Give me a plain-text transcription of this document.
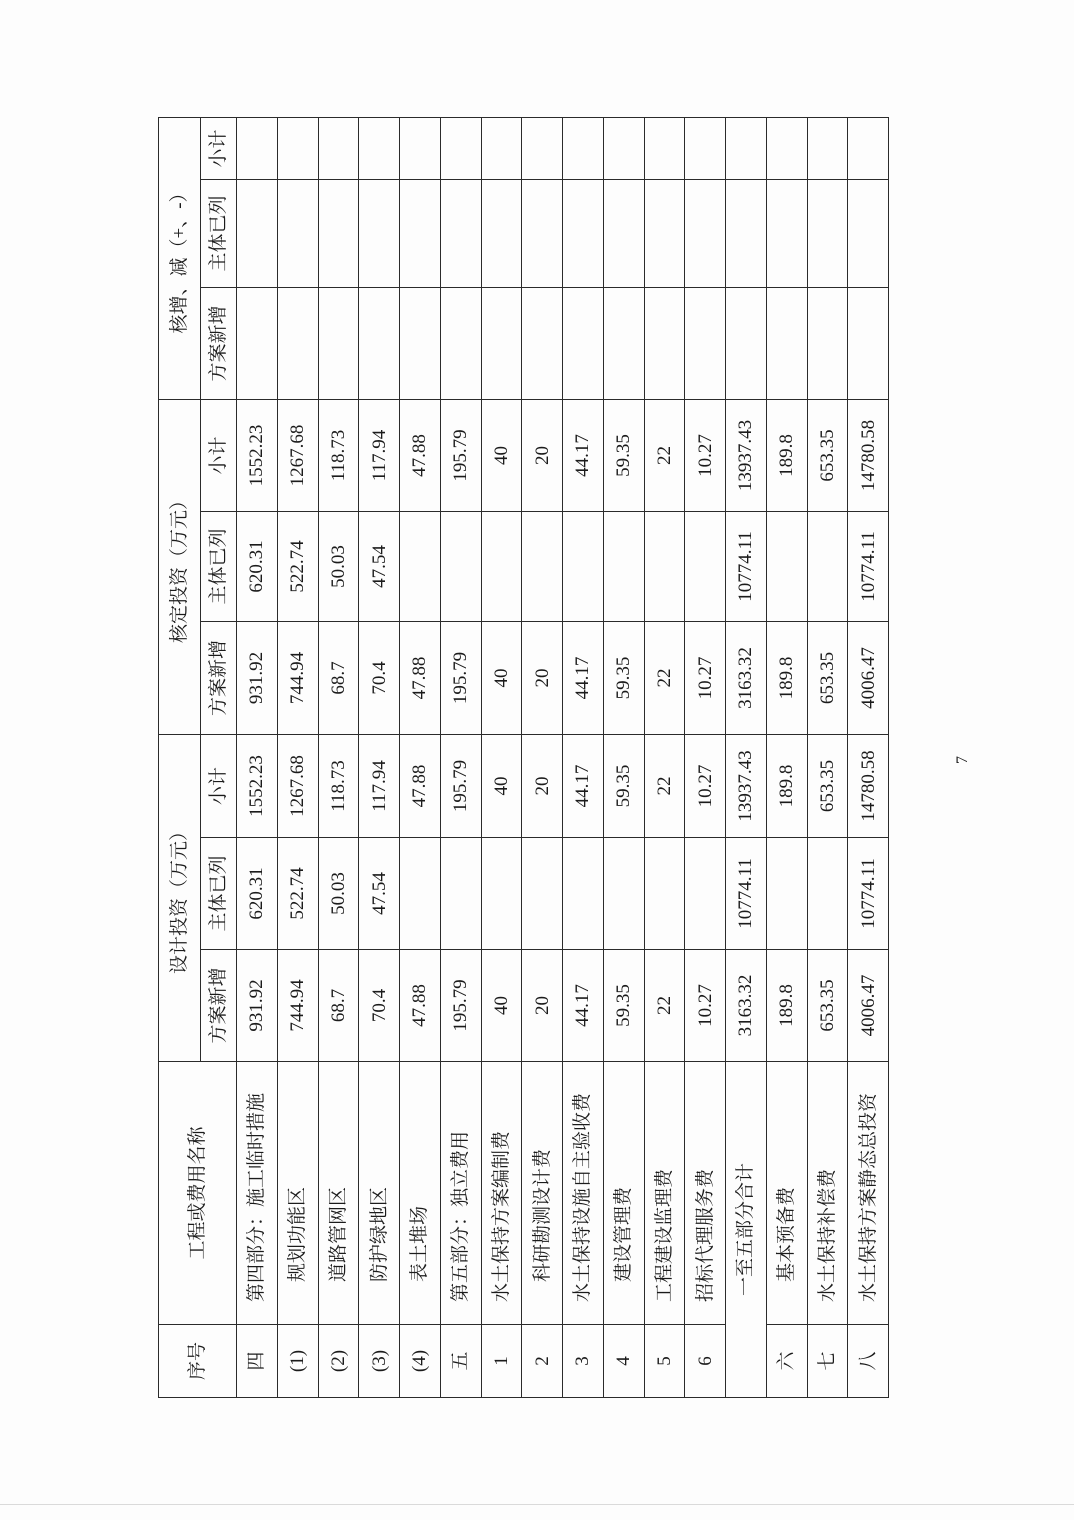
序号	工程或费用名称	设计投资（万元）			核定投资（万元）			核增、减（+、-）		
		方案新增	主体已列	小计	方案新增	主体已列	小计	方案新增	主体已列	小计
四	第四部分：施工临时措施	931.92	620.31	1552.23	931.92	620.31	1552.23			
(1)	规划功能区	744.94	522.74	1267.68	744.94	522.74	1267.68			
(2)	道路管网区	68.7	50.03	118.73	68.7	50.03	118.73			
(3)	防护绿地区	70.4	47.54	117.94	70.4	47.54	117.94			
(4)	表土堆场	47.88		47.88	47.88		47.88			
五	第五部分：独立费用	195.79		195.79	195.79		195.79			
1	水土保持方案编制费	40		40	40		40			
2	科研勘测设计费	20		20	20		20			
3	水土保持设施自主验收费	44.17		44.17	44.17		44.17			
4	建设管理费	59.35		59.35	59.35		59.35			
5	工程建设监理费	22		22	22		22			
6	招标代理服务费	10.27		10.27	10.27		10.27			
一至五部分合计		3163.32	10774.11	13937.43	3163.32	10774.11	13937.43			
六	基本预备费	189.8		189.8	189.8		189.8			
七	水土保持补偿费	653.35		653.35	653.35		653.35			
八	水土保持方案静态总投资	4006.47	10774.11	14780.58	4006.47	10774.11	14780.58			
7
